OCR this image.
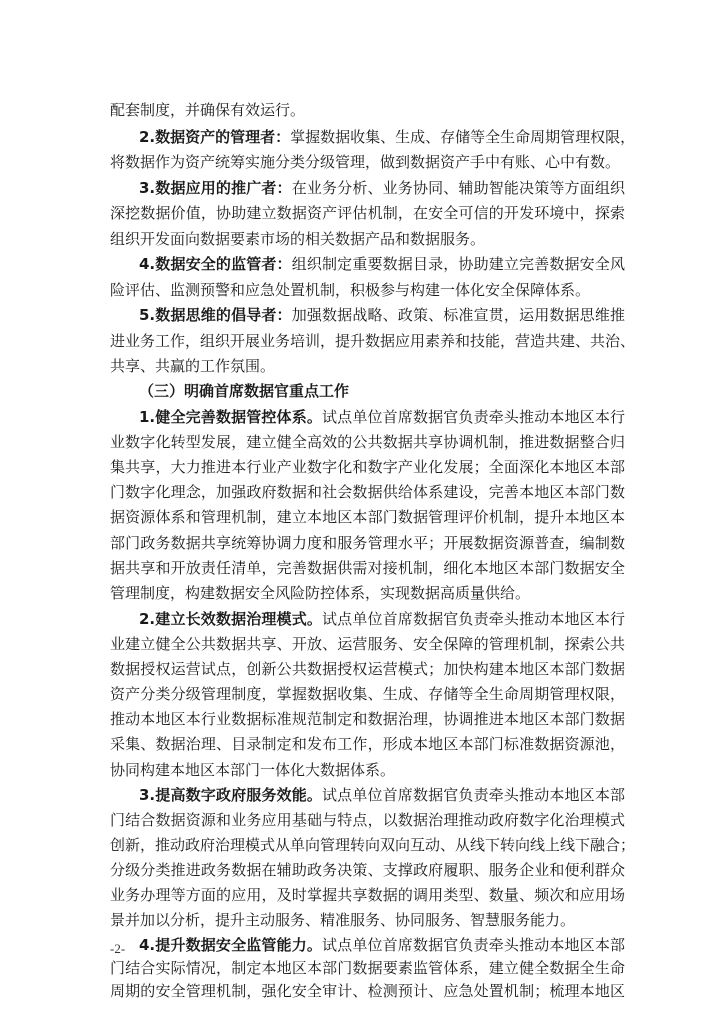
配套制度，并确保有效运行。
2.数据资产的管理者：掌握数据收集、生成、存储等全生命周期管理权限，
将数据作为资产统筹实施分类分级管理，做到数据资产手中有账、心中有数。
3.数据应用的推广者：在业务分析、业务协同、辅助智能决策等方面组织
深挖数据价值，协助建立数据资产评估机制，在安全可信的开发环境中，探索
组织开发面向数据要素市场的相关数据产品和数据服务。
4.数据安全的监管者：组织制定重要数据目录，协助建立完善数据安全风
险评估、监测预警和应急处置机制，积极参与构建一体化安全保障体系。
5.数据思维的倡导者：加强数据战略、政策、标准宣贯，运用数据思维推
进业务工作，组织开展业务培训，提升数据应用素养和技能，营造共建、共治、
共享、共赢的工作氛围。
（三）明确首席数据官重点工作
1.健全完善数据管控体系。试点单位首席数据官负责牵头推动本地区本行
业数字化转型发展，建立健全高效的公共数据共享协调机制，推进数据整合归
集共享，大力推进本行业产业数字化和数字产业化发展；全面深化本地区本部
门数字化理念，加强政府数据和社会数据供给体系建设，完善本地区本部门数
据资源体系和管理机制，建立本地区本部门数据管理评价机制，提升本地区本
部门政务数据共享统筹协调力度和服务管理水平；开展数据资源普查，编制数
据共享和开放责任清单，完善数据供需对接机制，细化本地区本部门数据安全
管理制度，构建数据安全风险防控体系，实现数据高质量供给。
2.建立长效数据治理模式。试点单位首席数据官负责牵头推动本地区本行
业建立健全公共数据共享、开放、运营服务、安全保障的管理机制，探索公共
数据授权运营试点，创新公共数据授权运营模式；加快构建本地区本部门数据
资产分类分级管理制度，掌握数据收集、生成、存储等全生命周期管理权限，
推动本地区本行业数据标准规范制定和数据治理，协调推进本地区本部门数据
采集、数据治理、目录制定和发布工作，形成本地区本部门标准数据资源池，
协同构建本地区本部门一体化大数据体系。
3.提高数字政府服务效能。试点单位首席数据官负责牵头推动本地区本部
门结合数据资源和业务应用基础与特点，以数据治理推动政府数字化治理模式
创新，推动政府治理模式从单向管理转向双向互动、从线下转向线上线下融合；
分级分类推进政务数据在辅助政务决策、支撑政府履职、服务企业和便利群众
业务办理等方面的应用，及时掌握共享数据的调用类型、数量、频次和应用场
景并加以分析，提升主动服务、精准服务、协同服务、智慧服务能力。
4.提升数据安全监管能力。试点单位首席数据官负责牵头推动本地区本部
门结合实际情况，制定本地区本部门数据要素监管体系，建立健全数据全生命
周期的安全管理机制，强化安全审计、检测预计、应急处置机制；梳理本地区
-2-
